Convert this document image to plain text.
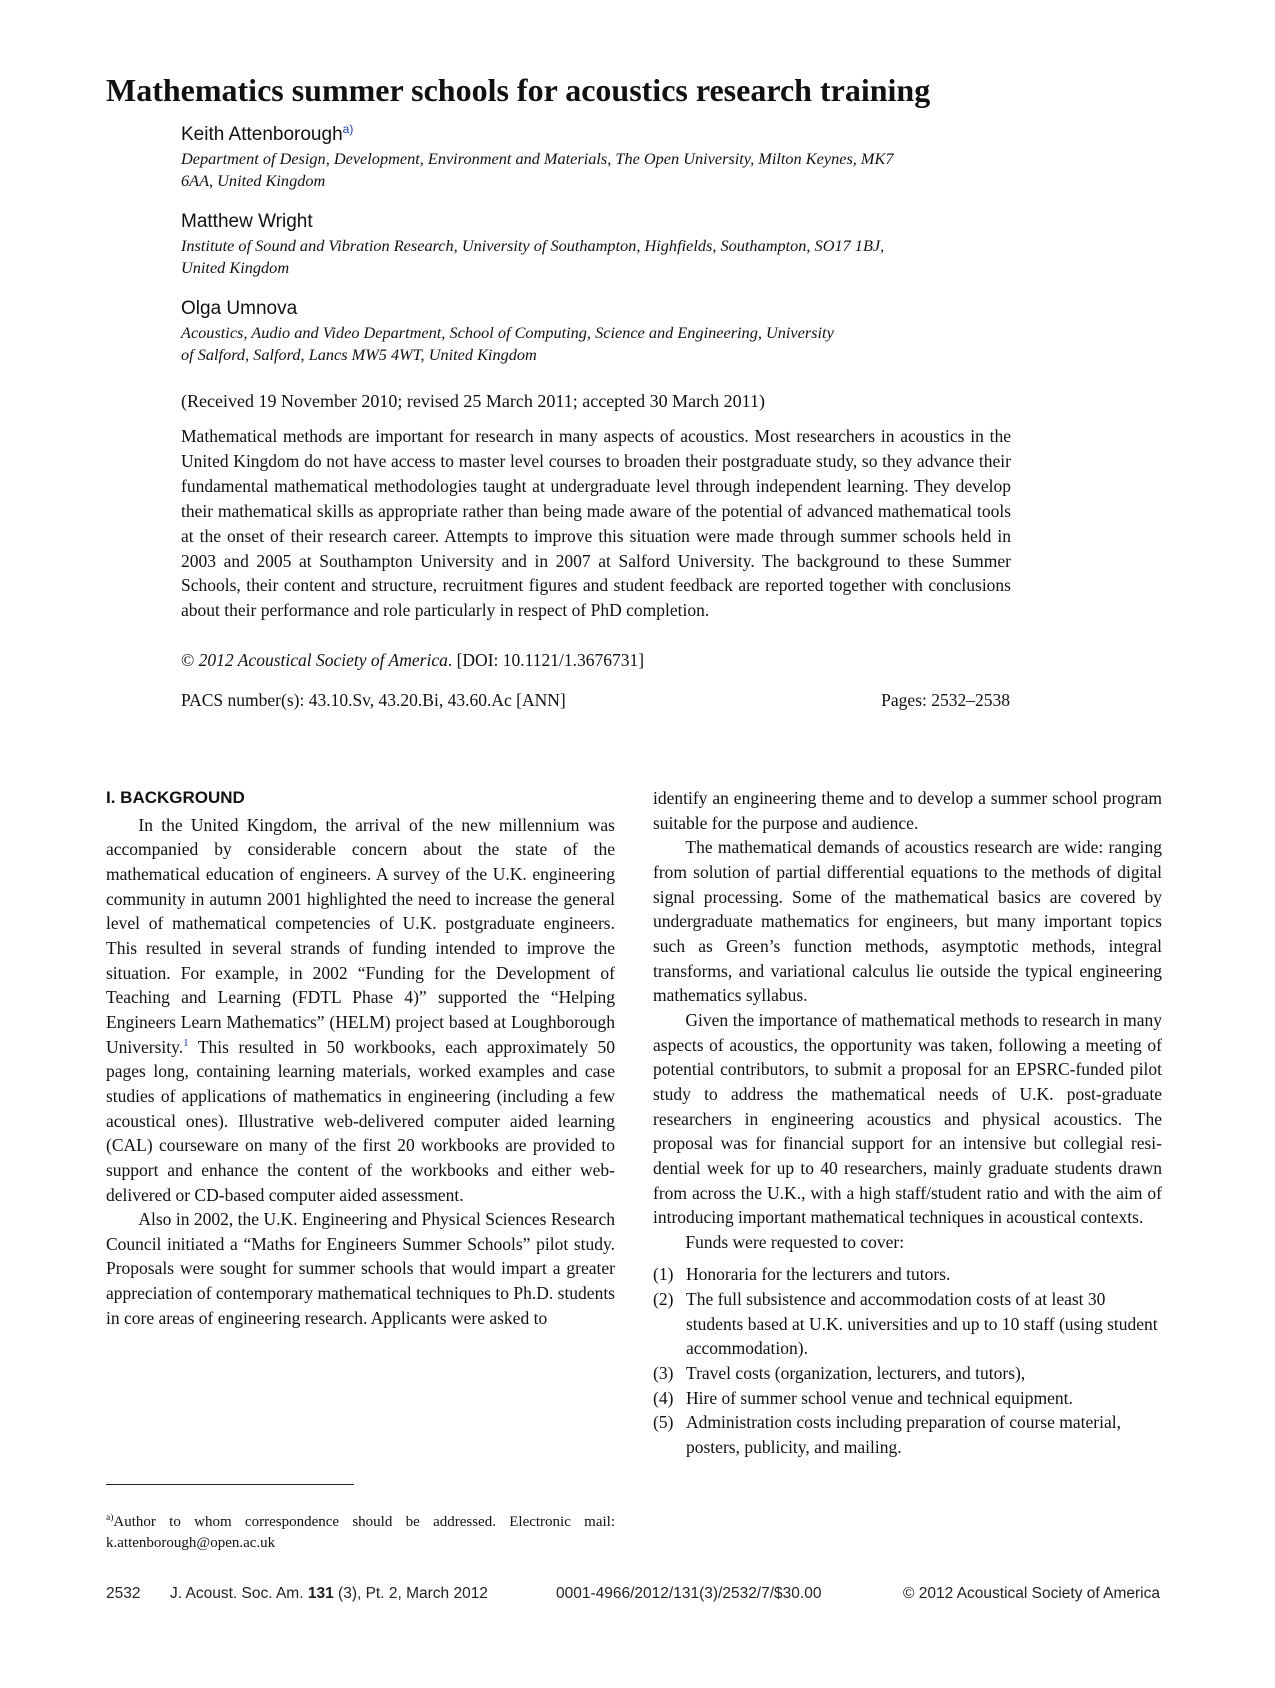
Mathematics summer schools for acoustics research training
Keith Attenborough$^{a)}$
Department of Design, Development, Environment and Materials, The Open University, Milton Keynes, MK7
6AA, United Kingdom
Matthew Wright
Institute of Sound and Vibration Research, University of Southampton, Highfields, Southampton, SO17 1BJ,
United Kingdom
Olga Umnova
Acoustics, Audio and Video Department, School of Computing, Science and Engineering, University
of Salford, Salford, Lancs MW5 4WT, United Kingdom
(Received 19 November 2010; revised 25 March 2011; accepted 30 March 2011)

Mathematical methods are important for research in many aspects of acoustics. Most researchers in acoustics in the United Kingdom do not have access to master level courses to broaden their postgraduate study, so they advance their fundamental mathematical methodologies taught at undergraduate level through independent learning. They develop their mathematical skills as appropriate rather than being made aware of the potential of advanced mathematical tools at the onset of their research career. Attempts to improve this situation were made through summer schools held in 2003 and 2005 at Southampton University and in 2007 at Salford University. The background to these Summer Schools, their content and structure, recruitment figures and student feedback are reported together with conclusions about their performance and role particularly in respect of PhD completion.

© 2012 Acoustical Society of America. [DOI: 10.1121/1.3676731]
PACS number(s): 43.10.Sv, 43.20.Bi, 43.60.Ac [ANN]	Pages: 2532–2538
I. BACKGROUND

In the United Kingdom, the arrival of the new millennium was accompanied by considerable concern about the state of the mathematical education of engineers. A survey of the U.K. engineering community in autumn 2001 highlighted the need to increase the general level of mathematical competencies of U.K. postgraduate engineers. This resulted in several strands of funding intended to improve the situation. For example, in 2002 “Funding for the Development of Teaching and Learning (FDTL Phase 4)” supported the “Helping Engineers Learn Mathematics” (HELM) project based at Loughborough University.$^1$ This resulted in 50 workbooks, each approximately 50 pages long, containing learning materials, worked examples and case studies of applications of mathematics in engineering (including a few acoustical ones). Illustrative web-delivered computer aided learning (CAL) courseware on many of the first 20 workbooks are provided to support and enhance the content of the workbooks and either web-delivered or CD-based computer aided assessment.

Also in 2002, the U.K. Engineering and Physical Sciences Research Council initiated a “Maths for Engineers Summer Schools” pilot study. Proposals were sought for summer schools that would impart a greater appreciation of contemporary mathematical techniques to Ph.D. students in core areas of engineering research. Applicants were asked to

identify an engineering theme and to develop a summer school program suitable for the purpose and audience.

The mathematical demands of acoustics research are wide: ranging from solution of partial differential equations to the methods of digital signal processing. Some of the mathematical basics are covered by undergraduate mathematics for engineers, but many important topics such as Green’s function methods, asymptotic methods, integral transforms, and variational calculus lie outside the typical engineering mathematics syllabus.

Given the importance of mathematical methods to research in many aspects of acoustics, the opportunity was taken, following a meeting of potential contributors, to submit a proposal for an EPSRC-funded pilot study to address the mathematical needs of U.K. post-graduate researchers in engineering acoustics and physical acoustics. The proposal was for financial support for an intensive but collegial residential week for up to 40 researchers, mainly graduate students drawn from across the U.K., with a high staff/student ratio and with the aim of introducing important mathematical techniques in acoustical contexts.

Funds were requested to cover:

(1) Honoraria for the lecturers and tutors.
(2) The full subsistence and accommodation costs of at least 30 students based at U.K. universities and up to 10 staff (using student accommodation).
(3) Travel costs (organization, lecturers, and tutors),
(4) Hire of summer school venue and technical equipment.
(5) Administration costs including preparation of course material, posters, publicity, and mailing.
$^{a)}$Author to whom correspondence should be addressed. Electronic mail: k.attenborough@open.ac.uk
2532 J. Acoust. Soc. Am. 131 (3), Pt. 2, March 2012	0001-4966/2012/131(3)/2532/7/$30.00	© 2012 Acoustical Society of America
